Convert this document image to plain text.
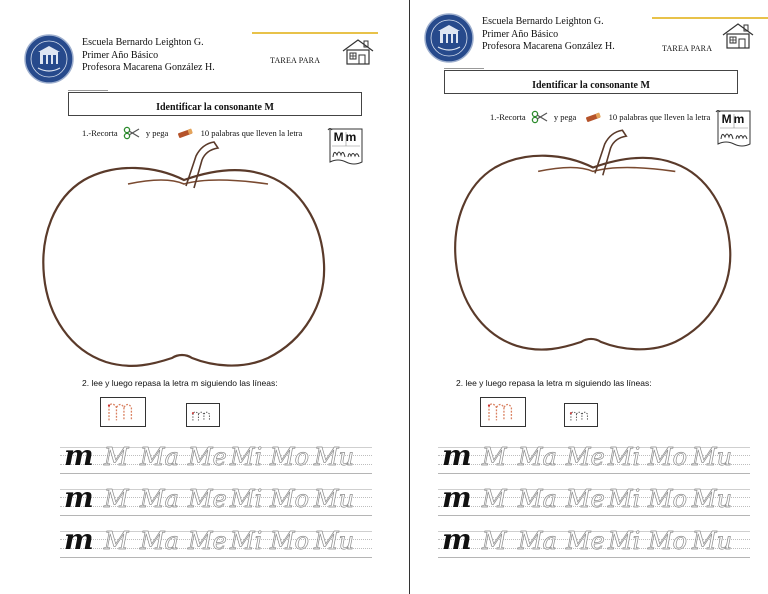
Escuela Bernardo Leighton G.
Primer Año Básico
Profesora Macarena González H.
TAREA PARA
Identificar la consonante M
1.-Recorta	y pega	10 palabras que lleven la letra	Mm
2. lee y luego repasa la letra m siguiendo las líneas:
m M Ma Me Mi Mo Mu
m M Ma Me Mi Mo Mu
m M Ma Me Mi Mo Mu
Escuela Bernardo Leighton G.
Primer Año Básico
Profesora Macarena González H.	TAREA PARA
Identificar la consonante M
1.-Recorta	y pega	10 palabras que lleven la letra Mm
2. lee y luego repasa la letra m siguiendo las líneas:
m M Ma Me Mi Mo Mu
m M Ma Me Mi Mo Mu
m M Ma Me Mi Mo Mu
